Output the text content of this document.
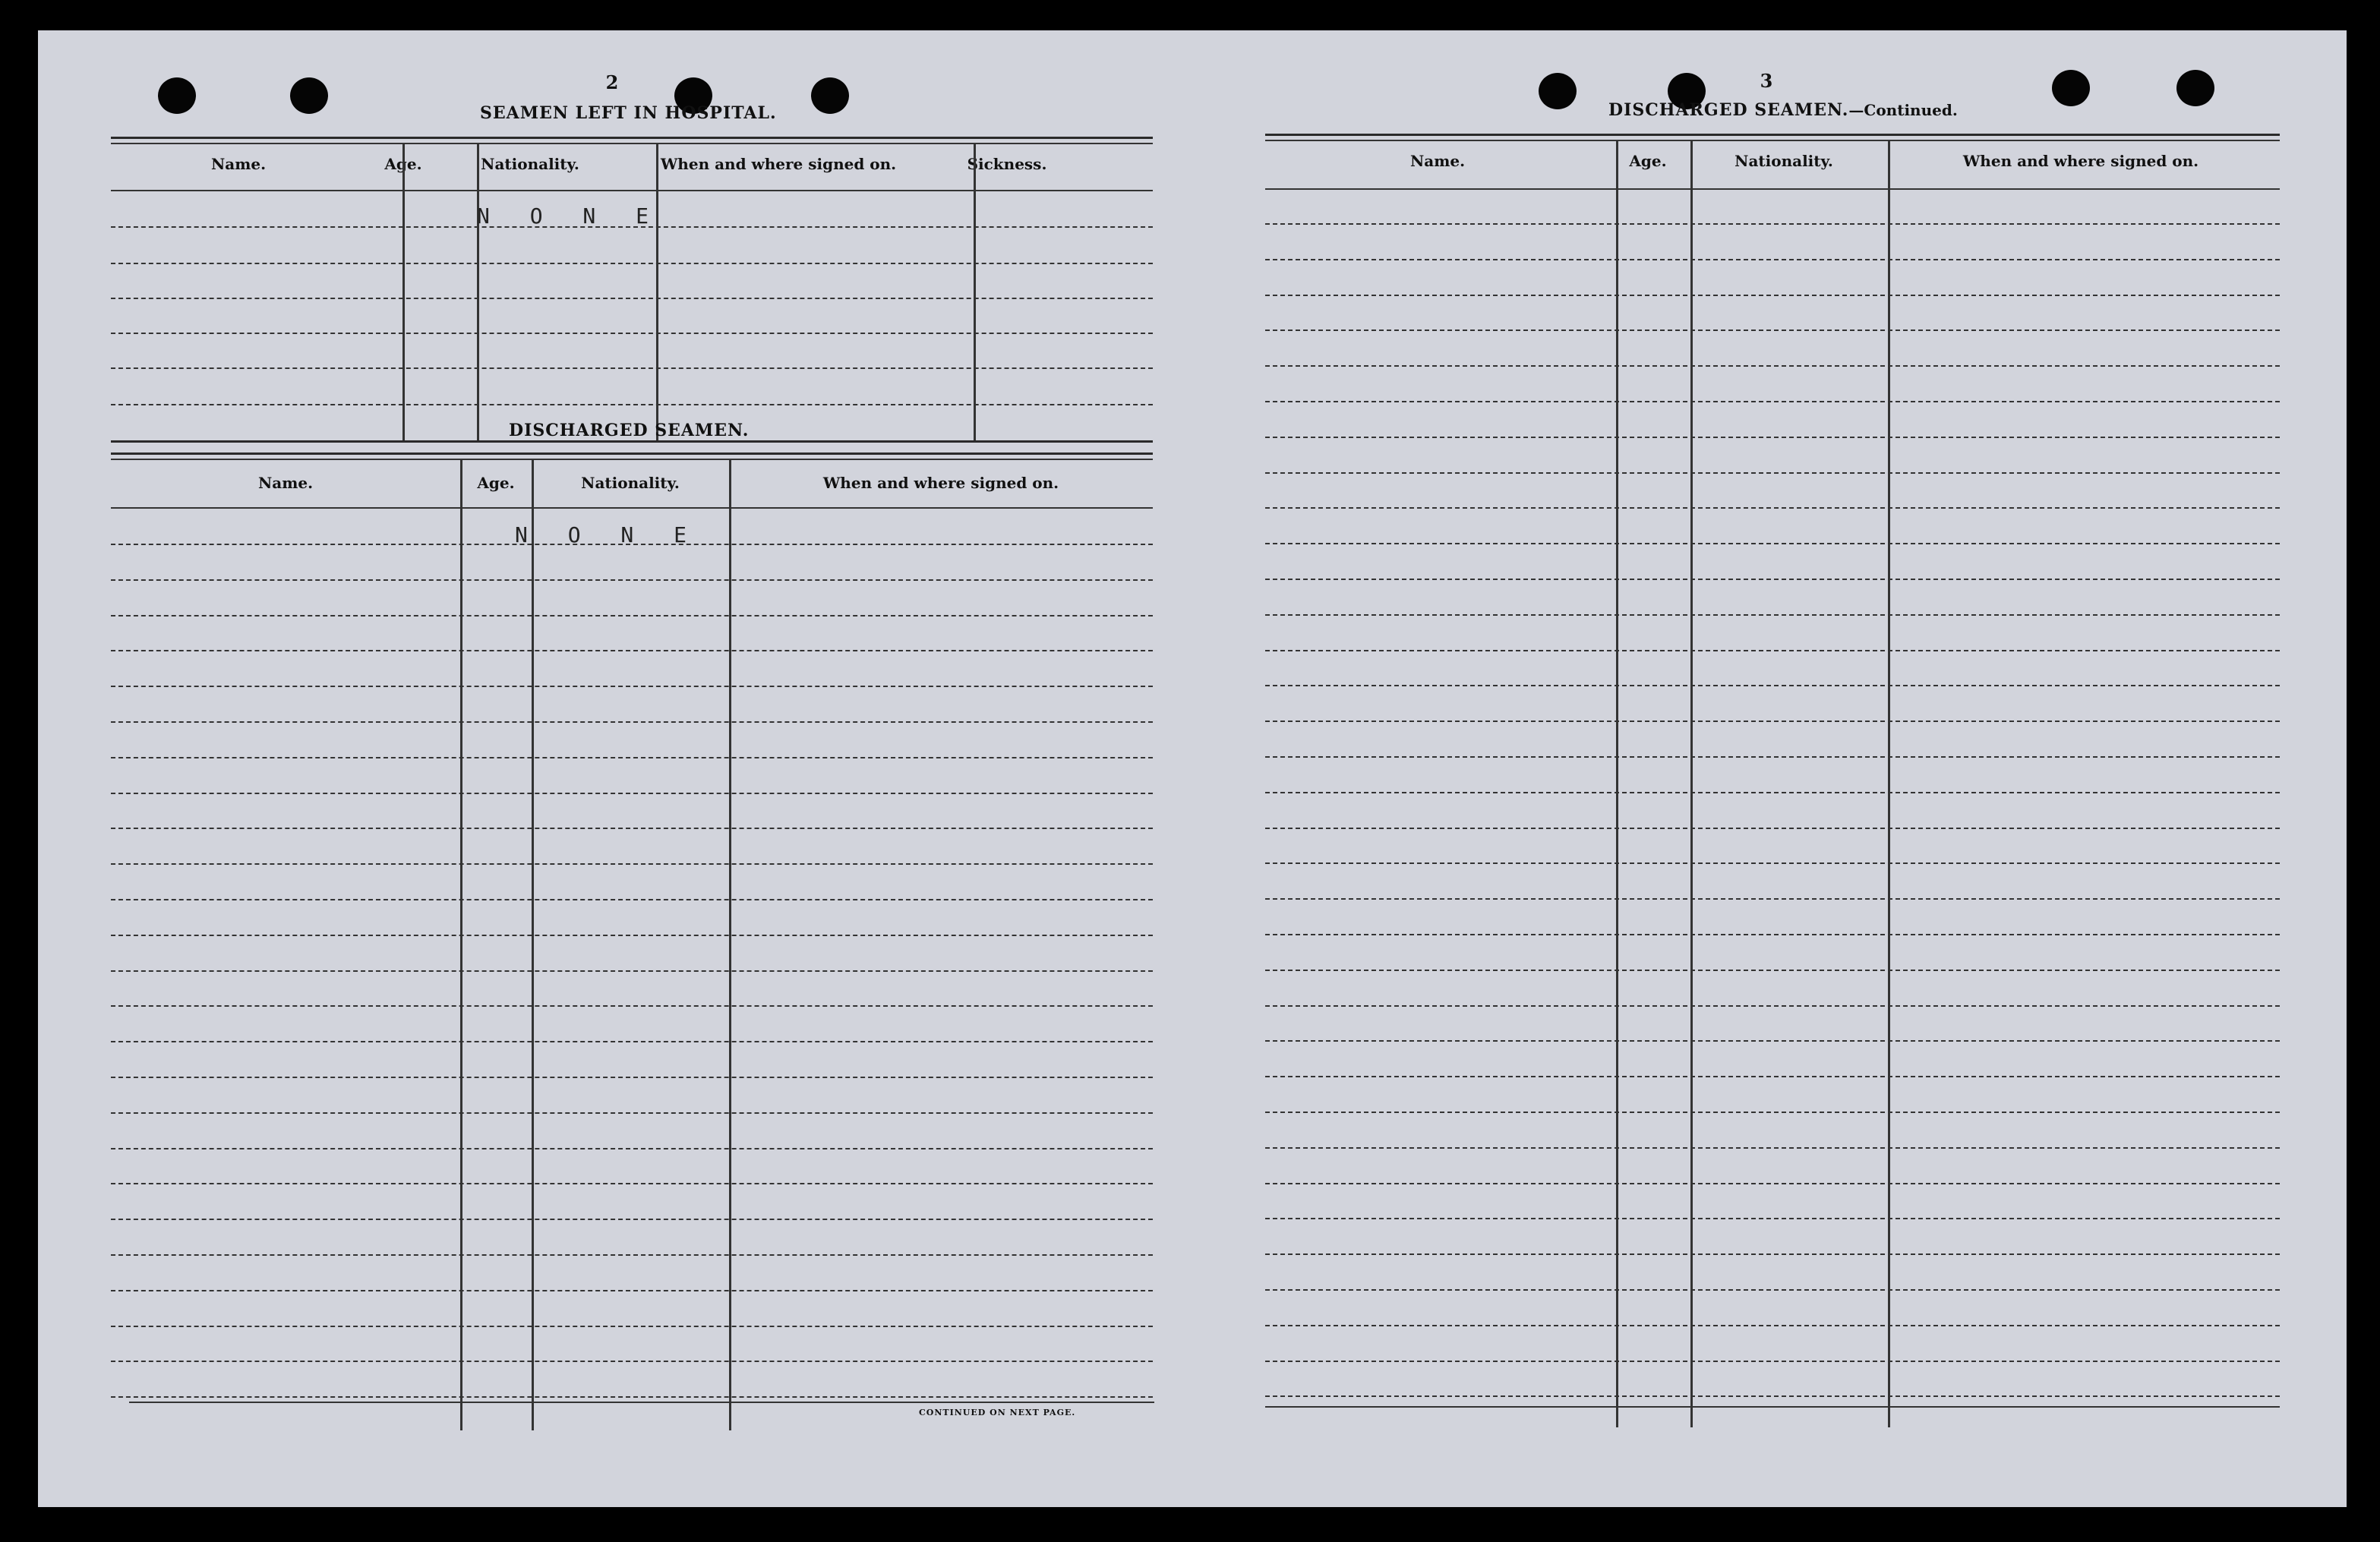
2
SEAMEN LEFT IN HOSPITAL.
Name.	Age.	Nationality.	When and where signed on.	Sickness.
N O N E
DISCHARGED SEAMEN.
Name.	Age.	Nationality.	When and where signed on.
N O N E
CONTINUED ON NEXT PAGE.
3
DISCHARGED SEAMEN.—Continued.
Name.	Age.	Nationality.	When and where signed on.
